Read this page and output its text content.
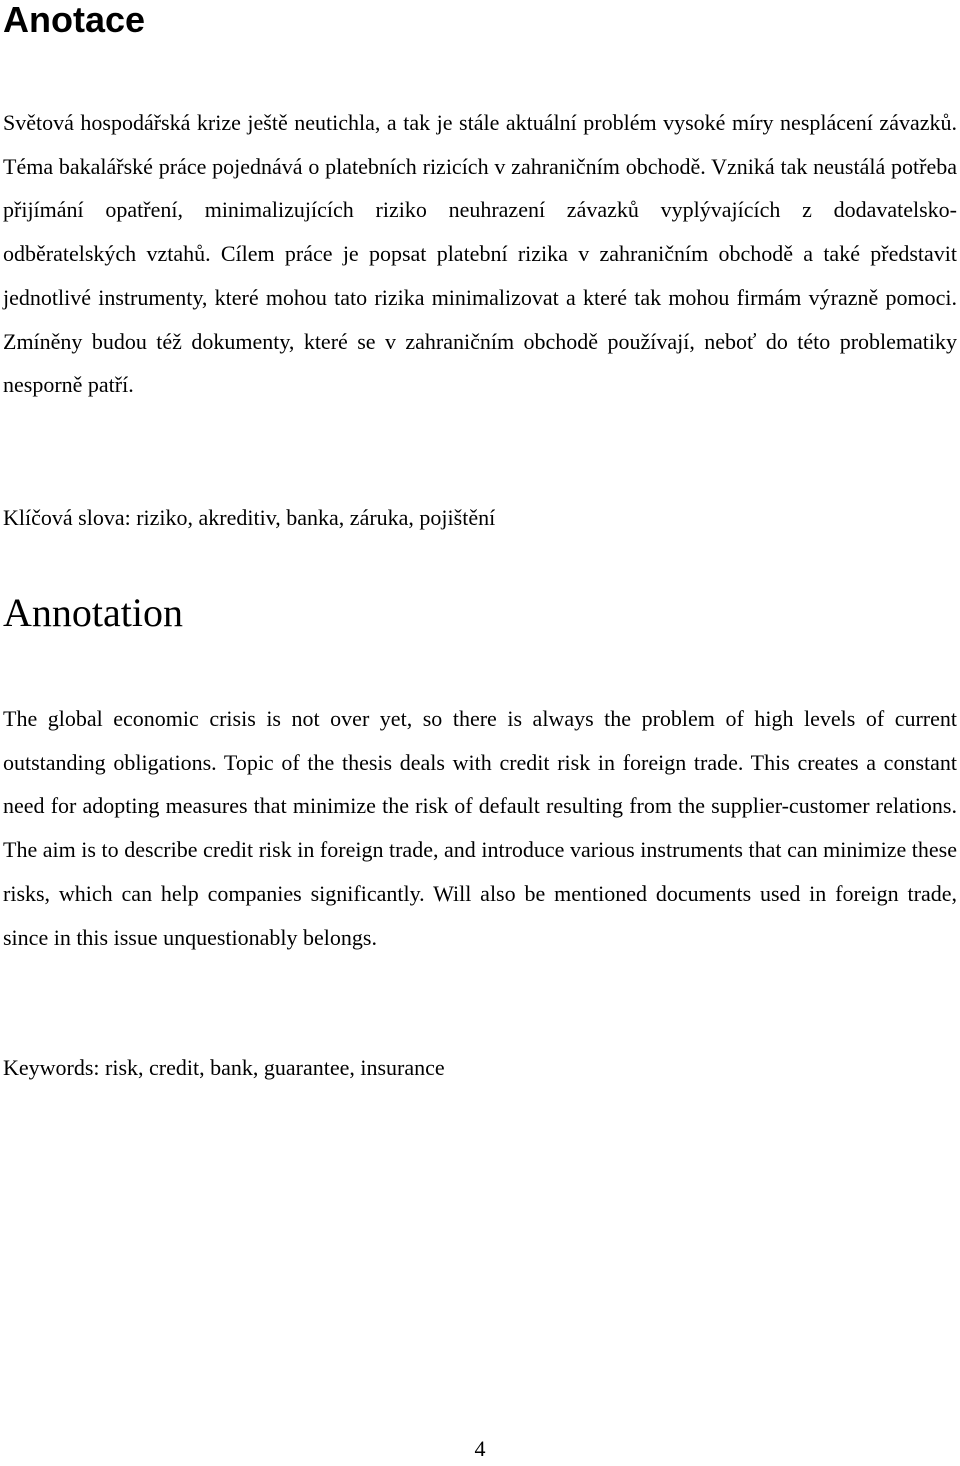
Anotace

Světová hospodářská krize ještě neutichla, a tak je stále aktuální problém vysoké míry nesplácení závazků. Téma bakalářské práce pojednává o platebních rizicích v zahraničním obchodě. Vzniká tak neustálá potřeba přijímání opatření, minimalizujících riziko neuhrazení závazků vyplývajících z dodavatelsko-odběratelských vztahů. Cílem práce je popsat platební rizika v zahraničním obchodě a také představit jednotlivé instrumenty, které mohou tato rizika minimalizovat a které tak mohou firmám výrazně pomoci. Zmíněny budou též dokumenty, které se v zahraničním obchodě používají, neboť do této problematiky nesporně patří.

Klíčová slova: riziko, akreditiv, banka, záruka, pojištění

Annotation

The global economic crisis is not over yet, so there is always the problem of high levels of current outstanding obligations. Topic of the thesis deals with credit risk in foreign trade. This creates a constant need for adopting measures that minimize the risk of default resulting from the supplier-customer relations. The aim is to describe credit risk in foreign trade, and introduce various instruments that can minimize these risks, which can help companies significantly. Will also be mentioned documents used in foreign trade, since in this issue unquestionably belongs.

Keywords: risk, credit, bank, guarantee, insurance

4
